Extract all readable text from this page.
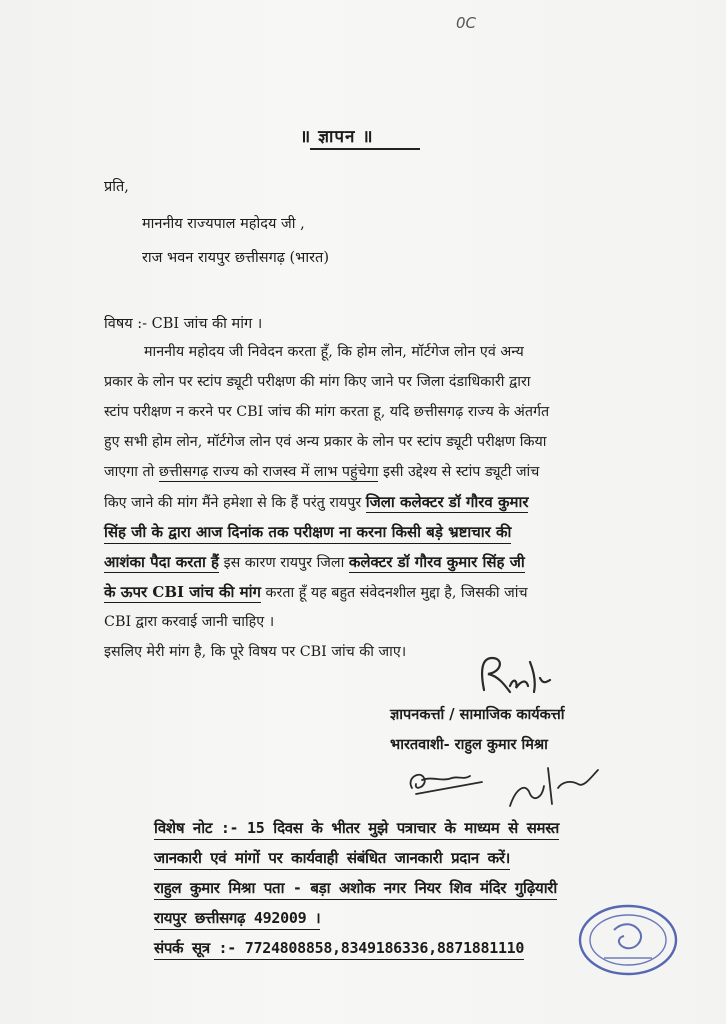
0C
॥ ज्ञापन ॥
प्रति,
माननीय राज्यपाल महोदय जी ,
राज भवन रायपुर छत्तीसगढ़ (भारत)
विषय :- CBI जांच की मांग ।
माननीय महोदय जी निवेदन करता हूँ, कि होम लोन, मॉर्टगेज लोन एवं अन्य
प्रकार के लोन पर स्टांप ड्यूटी परीक्षण की मांग किए जाने पर जिला दंडाधिकारी द्वारा
स्टांप परीक्षण न करने पर CBI जांच की मांग करता हू, यदि छत्तीसगढ़ राज्य के अंतर्गत
हुए सभी होम लोन, मॉर्टगेज लोन एवं अन्य प्रकार के लोन पर स्टांप ड्यूटी परीक्षण किया
जाएगा तो छत्तीसगढ़ राज्य को राजस्व में लाभ पहुंचेगा इसी उद्देश्य से स्टांप ड्यूटी जांच
किए जाने की मांग मैंने हमेशा से कि हैं परंतु रायपुर जिला कलेक्टर डॉ गौरव कुमार
सिंह जी के द्वारा आज दिनांक तक परीक्षण ना करना किसी बड़े भ्रष्टाचार की
आशंका पैदा करता हैं इस कारण रायपुर जिला कलेक्टर डॉ गौरव कुमार सिंह जी
के ऊपर CBI जांच की मांग करता हूँ यह बहुत संवेदनशील मुद्दा है, जिसकी जांच
CBI द्वारा करवाई जानी चाहिए ।
इसलिए मेरी मांग है, कि पूरे विषय पर CBI जांच की जाए।
ज्ञापनकर्त्ता / सामाजिक कार्यकर्त्ता
भारतवाशी- राहुल कुमार मिश्रा
विशेष नोट :- 15 दिवस के भीतर मुझे पत्राचार के माध्यम से समस्त
जानकारी एवं मांगों पर कार्यवाही संबंधित जानकारी प्रदान करें।
राहुल कुमार मिश्रा पता - बड़ा अशोक नगर नियर शिव मंदिर गुढ़ियारी
रायपुर छत्तीसगढ़ 492009 ।
संपर्क सूत्र :- 7724808858,8349186336,8871881110
